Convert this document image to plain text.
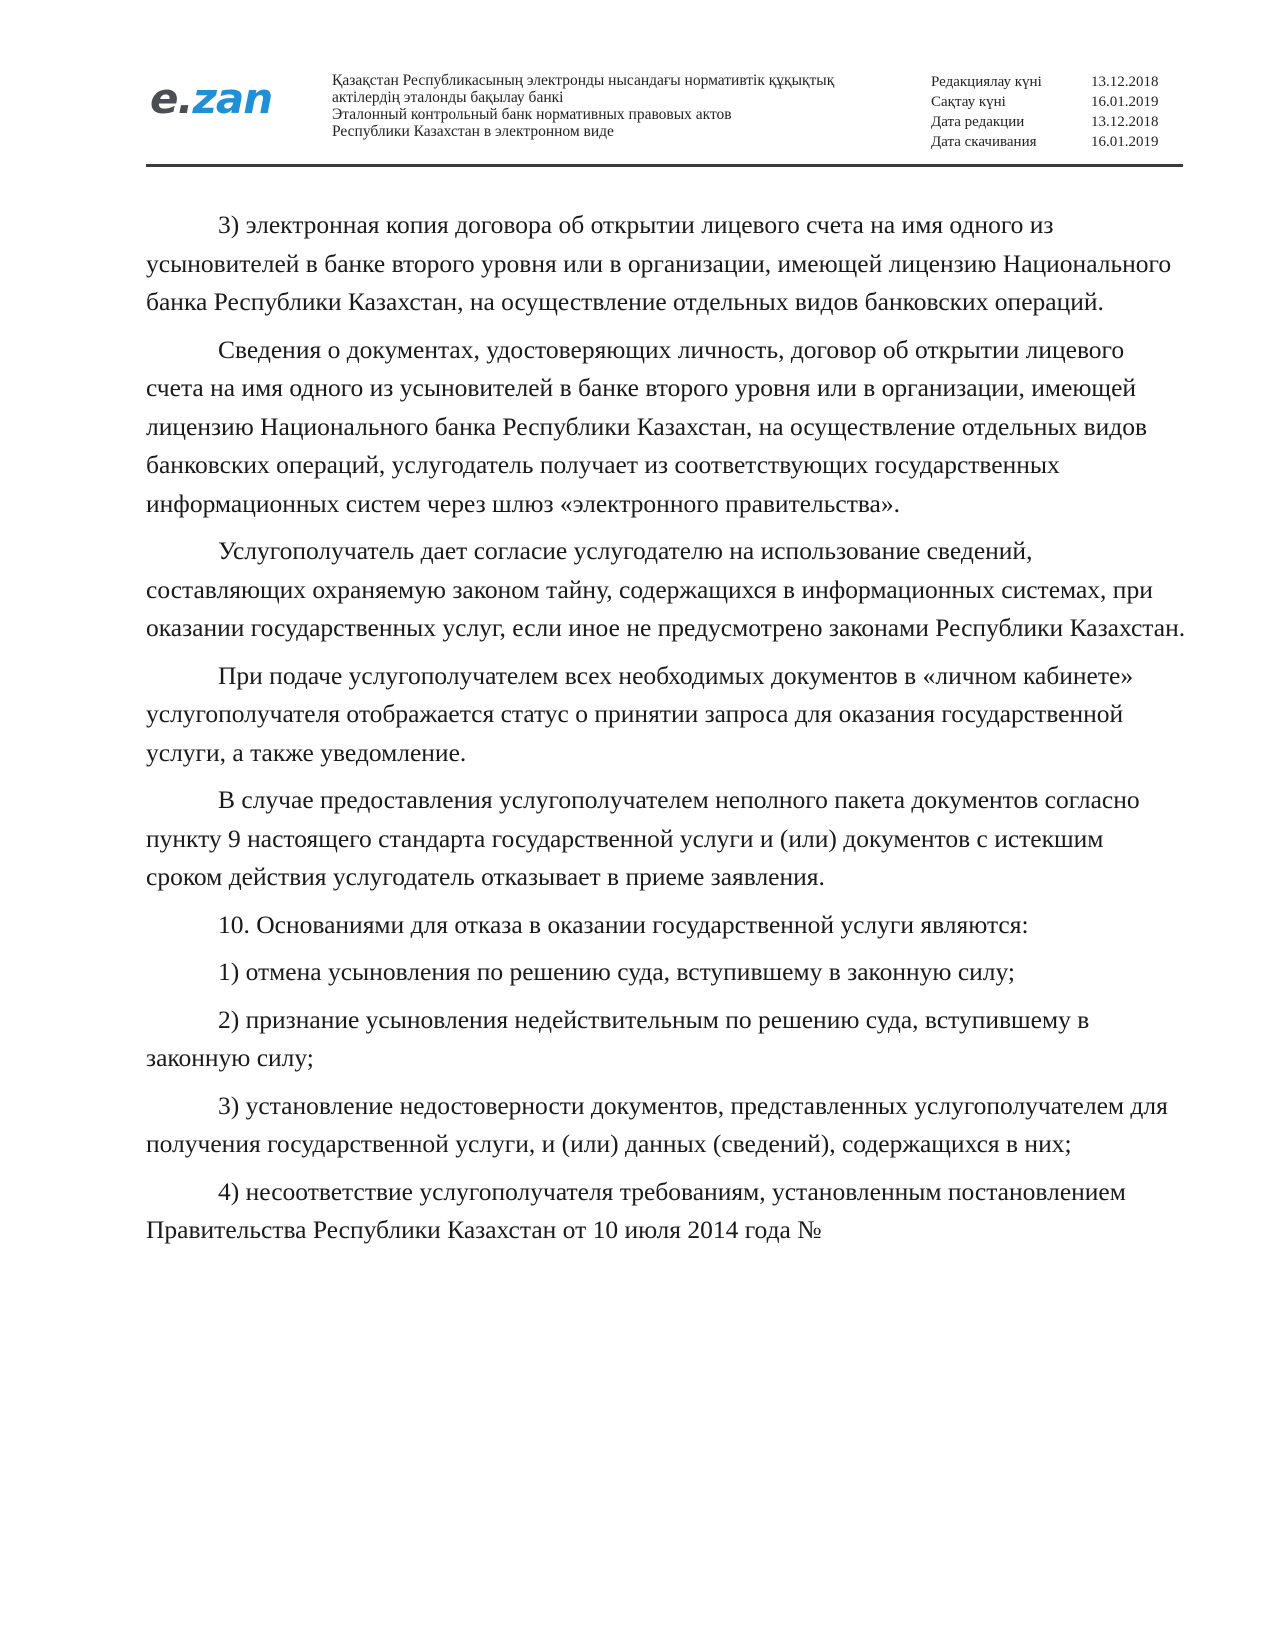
e.zan	Қазақстан Республикасының электронды нысандағы нормативтік құқықтық
актілердің эталонды бақылау банкі
Эталонный контрольный банк нормативных правовых актов
Республики Казахстан в электронном виде
Редакциялау күні	13.12.2018
Сақтау күні	16.01.2019
Дата редакции	13.12.2018
Дата скачивания	16.01.2019

3) электронная копия договора об открытии лицевого счета на имя одного из усыновителей в банке второго уровня или в организации, имеющей лицензию Национального банка Республики Казахстан, на осуществление отдельных видов банковских операций.

Сведения о документах, удостоверяющих личность, договор об открытии лицевого счета на имя одного из усыновителей в банке второго уровня или в организации, имеющей лицензию Национального банка Республики Казахстан, на осуществление отдельных видов банковских операций, услугодатель получает из соответствующих государственных информационных систем через шлюз «электронного правительства».

Услугополучатель дает согласие услугодателю на использование сведений, составляющих охраняемую законом тайну, содержащихся в информационных системах, при оказании государственных услуг, если иное не предусмотрено законами Республики Казахстан.

При подаче услугополучателем всех необходимых документов в «личном кабинете» услугополучателя отображается статус о принятии запроса для оказания государственной услуги, а также уведомление.

В случае предоставления услугополучателем неполного пакета документов согласно пункту 9 настоящего стандарта государственной услуги и (или) документов с истекшим сроком действия услугодатель отказывает в приеме заявления.

10. Основаниями для отказа в оказании государственной услуги являются:

1) отмена усыновления по решению суда, вступившему в законную силу;

2) признание усыновления недействительным по решению суда, вступившему в законную силу;

3) установление недостоверности документов, представленных услугополучателем для получения государственной услуги, и (или) данных (сведений), содержащихся в них;

4) несоответствие услугополучателя требованиям, установленным постановлением Правительства Республики Казахстан от 10 июля 2014 года №
